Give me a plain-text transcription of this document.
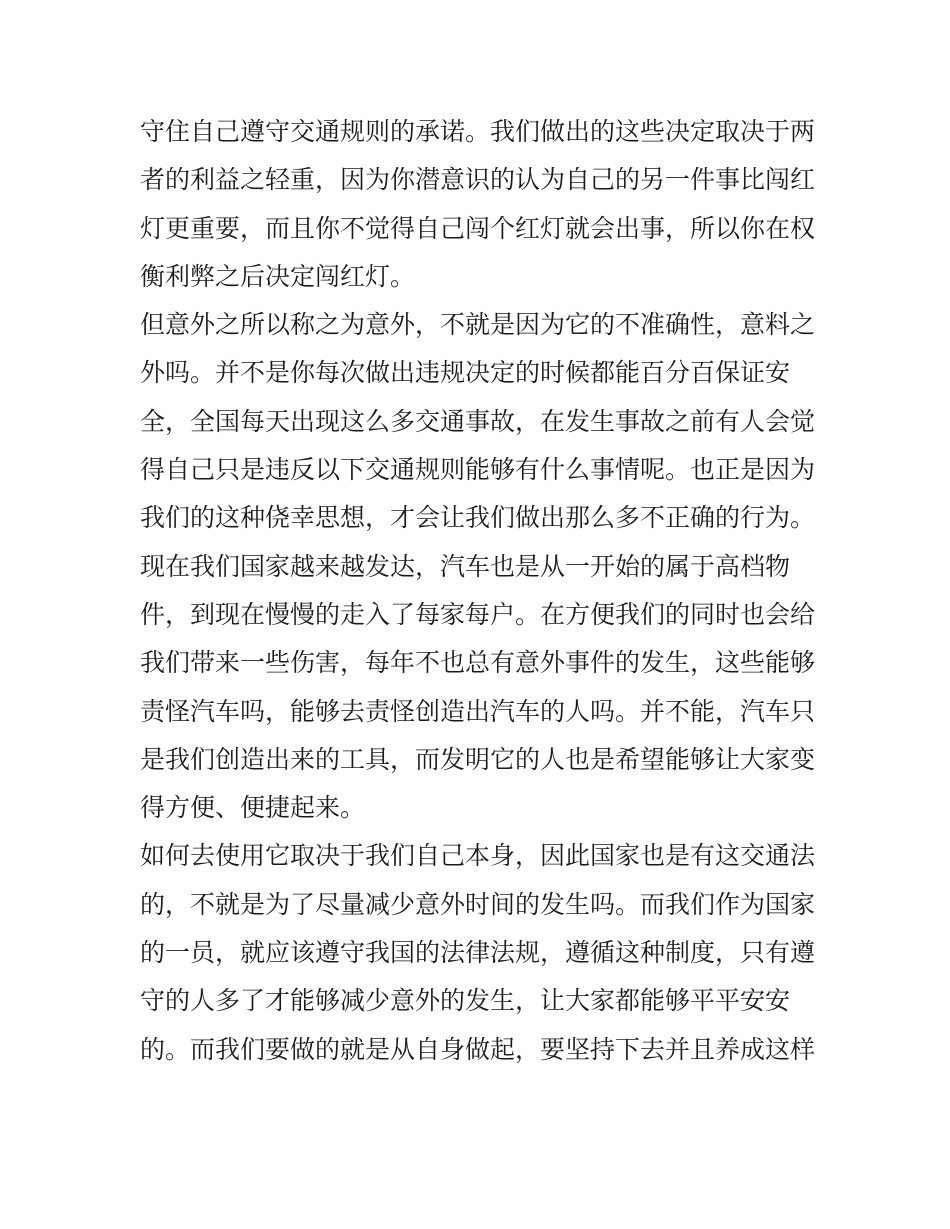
守住自己遵守交通规则的承诺。我们做出的这些决定取决于两
者的利益之轻重，因为你潜意识的认为自己的另一件事比闯红
灯更重要，而且你不觉得自己闯个红灯就会出事，所以你在权
衡利弊之后决定闯红灯。
但意外之所以称之为意外，不就是因为它的不准确性，意料之
外吗。并不是你每次做出违规决定的时候都能百分百保证安
全，全国每天出现这么多交通事故，在发生事故之前有人会觉
得自己只是违反以下交通规则能够有什么事情呢。也正是因为
我们的这种侥幸思想，才会让我们做出那么多不正确的行为。
现在我们国家越来越发达，汽车也是从一开始的属于高档物
件，到现在慢慢的走入了每家每户。在方便我们的同时也会给
我们带来一些伤害，每年不也总有意外事件的发生，这些能够
责怪汽车吗，能够去责怪创造出汽车的人吗。并不能，汽车只
是我们创造出来的工具，而发明它的人也是希望能够让大家变
得方便、便捷起来。
如何去使用它取决于我们自己本身，因此国家也是有这交通法
的，不就是为了尽量减少意外时间的发生吗。而我们作为国家
的一员，就应该遵守我国的法律法规，遵循这种制度，只有遵
守的人多了才能够减少意外的发生，让大家都能够平平安安
的。而我们要做的就是从自身做起，要坚持下去并且养成这样
